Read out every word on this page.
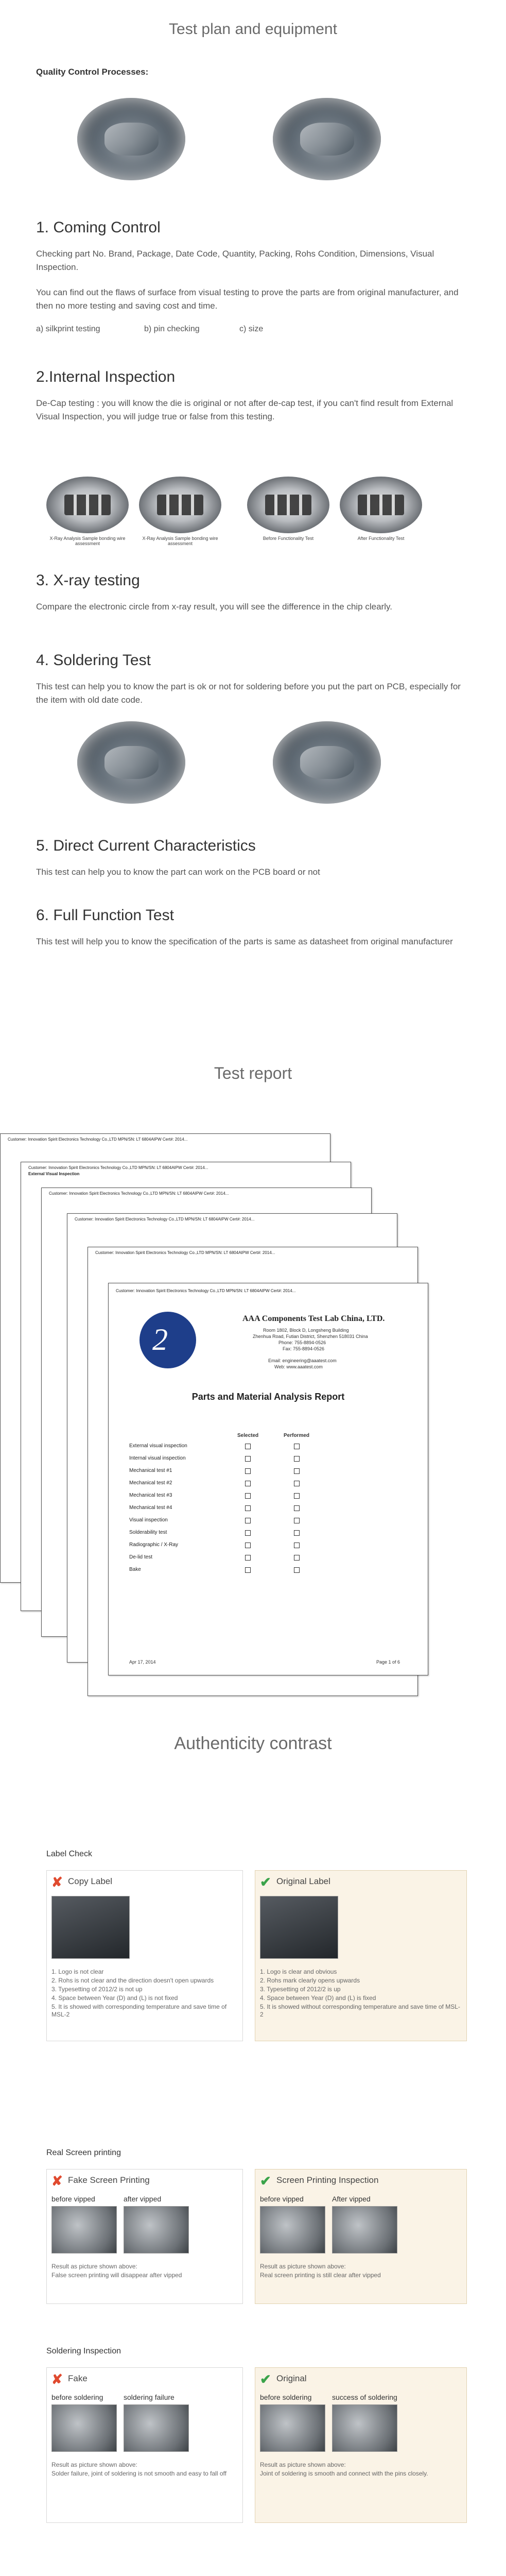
Test plan and equipment
Quality Control Processes:
1. Coming Control

Checking part No. Brand, Package, Date Code, Quantity, Packing, Rohs Condition, Dimensions, Visual Inspection.

You can find out the flaws of surface from visual testing to prove the parts are from original manufacturer, and then no more testing and saving cost and time.

a) silkprint testing	b) pin checking	c) size
2.Internal Inspection

De-Cap testing : you will know the die is original or not after de-cap test, if you can't find result from External Visual Inspection, you will judge true or false from this testing.

X-Ray Analysis Sample bonding wire assessment
X-Ray Analysis Sample bonding wire assessment
Before Functionality Test	After Functionality Test
3. X-ray testing

Compare the electronic circle from x-ray result, you will see the difference in the chip clearly.

4. Soldering Test

This test can help you to know the part is ok or not for soldering before you put the part on PCB, especially for the item with old date code.

5. Direct Current Characteristics

This test can help you to know the part can work on the PCB board or not

6. Full Function Test

This test will help you to know the specification of the parts is same as datasheet from original manufacturer

Test report
Customer: Innovation Spirit Electronics Technology Co.,LTD MPN/SN: LT 6804AIPW Cert#: 2014...
Customer: Innovation Spirit Electronics Technology Co.,LTD MPN/SN: LT 6804AIPW Cert#: 2014...
External Visual Inspection
Customer: Innovation Spirit Electronics Technology Co.,LTD MPN/SN: LT 6804AIPW Cert#: 2014...
Customer: Innovation Spirit Electronics Technology Co.,LTD MPN/SN: LT 6804AIPW Cert#: 2014...
Customer: Innovation Spirit Electronics Technology Co.,LTD MPN/SN: LT 6804AIPW Cert#: 2014...
Customer: Innovation Spirit Electronics Technology Co.,LTD MPN/SN: LT 6804AIPW Cert#: 2014...
2
AAA Components Test Lab China, LTD.
Room 1802, Block D, Longsheng Building
Zhenhua Road, Futian District, Shenzhen 518031 China
Phone: 755-8894-0526
Fax: 755-8894-0526
Email: engineering@aaatest.com
Web: www.aaatest.com
Parts and Material Analysis Report
Selected	Performed
External visual inspection
Internal visual inspection
Mechanical test #1
Mechanical test #2
Mechanical test #3
Mechanical test #4
Visual inspection
Solderability test
Radiographic / X-Ray
De-lid test
Bake
Apr 17, 2014	Page 1 of 6
Authenticity contrast
Label Check
✘ Copy Label	✔ Original Label
1. Logo is not clear
2. Rohs is not clear and the direction doesn't open upwards
3. Typesetting of 2012/2 is not up
4. Space between Year (D) and (L) is not fixed
5. It is showed with corresponding temperature and save time of MSL-2
1. Logo is clear and obvious
2. Rohs mark clearly opens upwards
3. Typesetting of 2012/2 is up
4. Space between Year (D) and (L) is fixed
5. It is showed without corresponding temperature and save time of MSL-2
Real Screen printing
✘ Fake Screen Printing	✔ Screen Printing Inspection
before vipped	after vipped	before vipped	After vipped
Result as picture shown above:
False screen printing will disappear after vipped
Result as picture shown above:
Real screen printing is still clear after vipped
Soldering Inspection
✘ Fake	✔ Original
before soldering	soldering failure	before soldering	success of soldering
Result as picture shown above:
Solder failure, joint of soldering is not smooth and easy to fall off
Result as picture shown above:
Joint of soldering is smooth and connect with the pins closely.
